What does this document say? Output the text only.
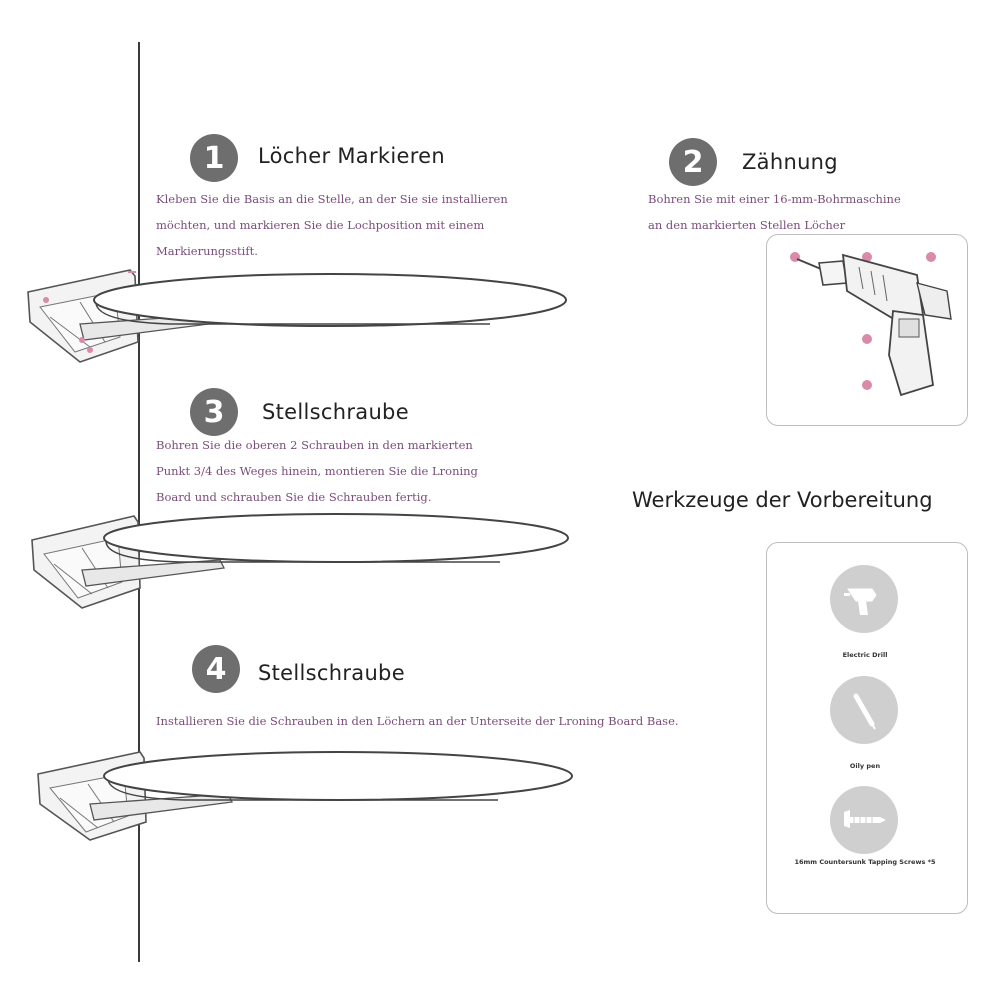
1	Löcher Markieren
Kleben Sie die Basis an die Stelle, an der Sie sie installieren
möchten, und markieren Sie die Lochposition mit einem
Markierungsstift.
2	Zähnung
Bohren Sie mit einer 16-mm-Bohrmaschine
an den markierten Stellen Löcher
3	Stellschraube
Bohren Sie die oberen 2 Schrauben in den markierten
Punkt 3/4 des Weges hinein, montieren Sie die Lroning
Board und schrauben Sie die Schrauben fertig.	Werkzeuge der Vorbereitung
Electric Drill
Oily pen
16mm Countersunk Tapping Screws *5
4	Stellschraube
Installieren Sie die Schrauben in den Löchern an der Unterseite der Lroning Board Base.
